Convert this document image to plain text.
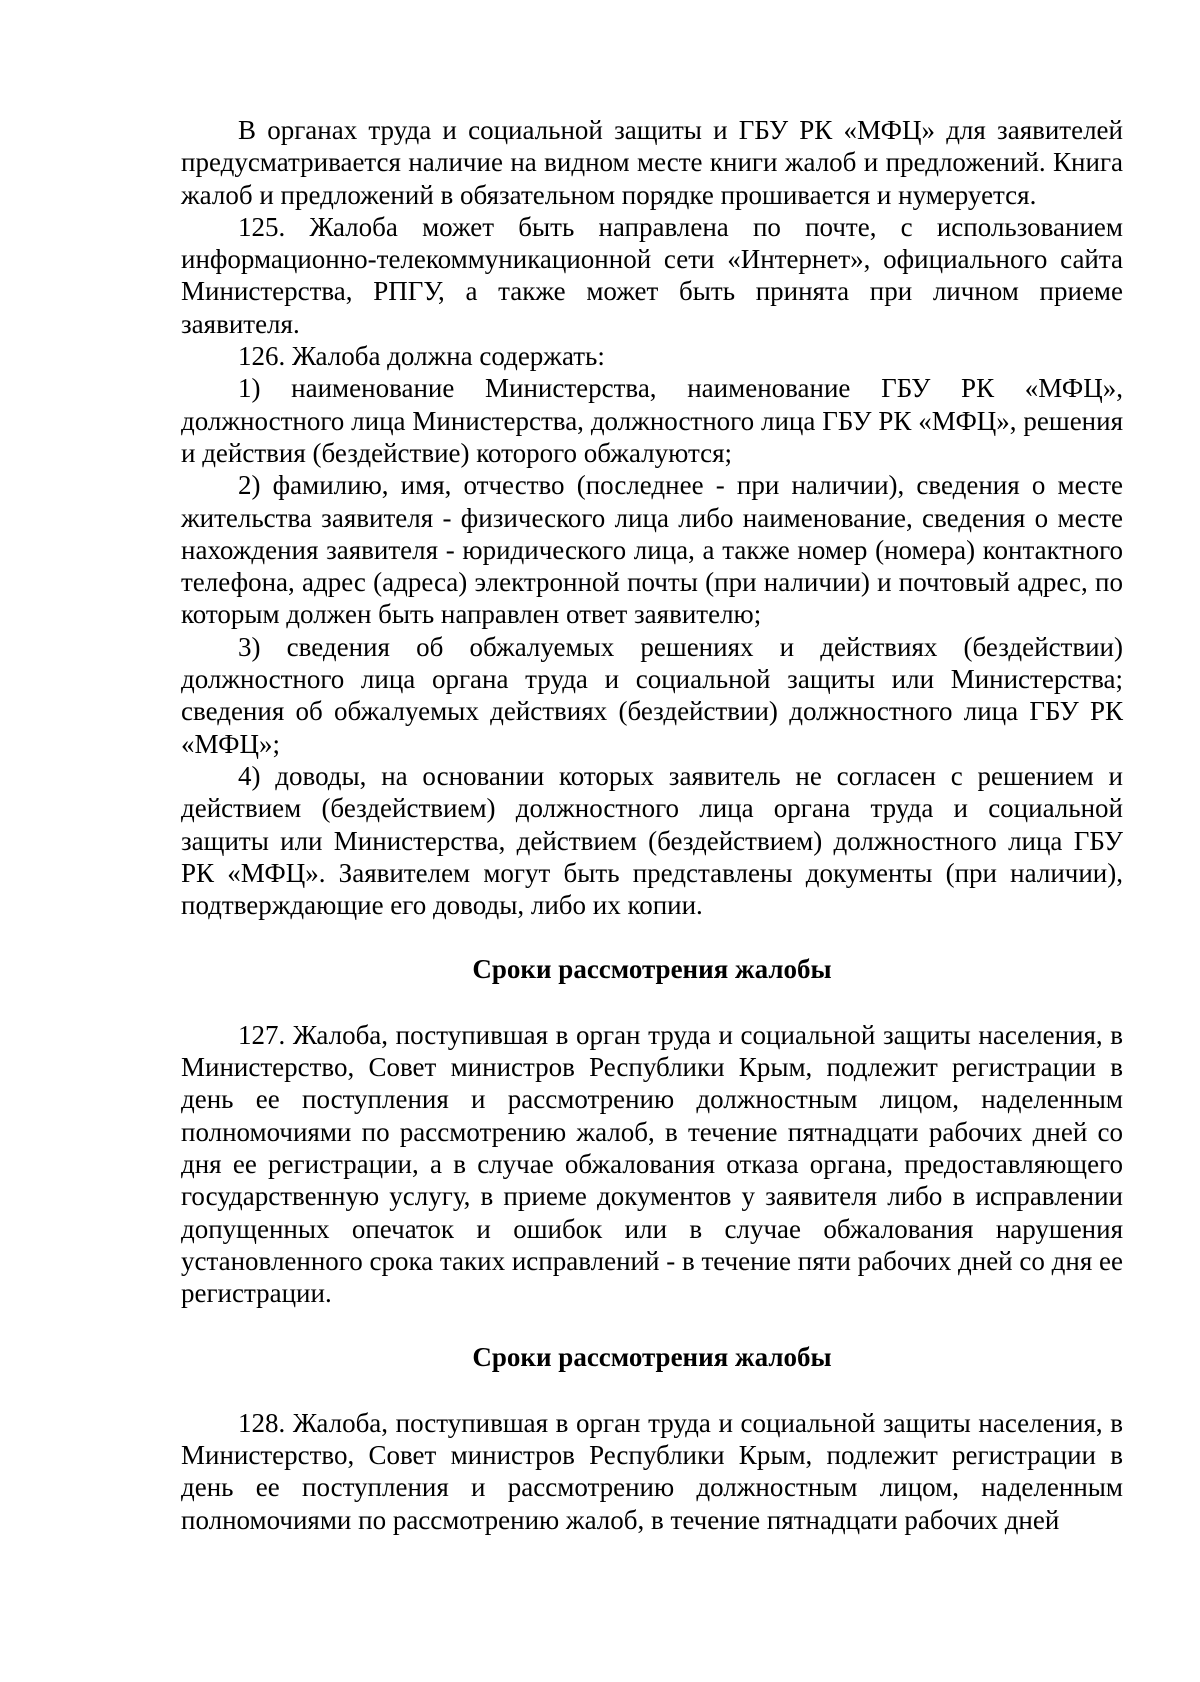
В органах труда и социальной защиты и ГБУ РК «МФЦ» для заявителей предусматривается наличие на видном месте книги жалоб и предложений. Книга жалоб и предложений в обязательном порядке прошивается и нумеруется.

125. Жалоба может быть направлена по почте, с использованием информационно-телекоммуникационной сети «Интернет», официального сайта Министерства, РПГУ, а также может быть принята при личном приеме заявителя.

126. Жалоба должна содержать:

1) наименование Министерства, наименование ГБУ РК «МФЦ», должностного лица Министерства, должностного лица ГБУ РК «МФЦ», решения и действия (бездействие) которого обжалуются;

2) фамилию, имя, отчество (последнее - при наличии), сведения о месте жительства заявителя - физического лица либо наименование, сведения о месте нахождения заявителя - юридического лица, а также номер (номера) контактного телефона, адрес (адреса) электронной почты (при наличии) и почтовый адрес, по которым должен быть направлен ответ заявителю;

3) сведения об обжалуемых решениях и действиях (бездействии) должностного лица органа труда и социальной защиты или Министерства; сведения об обжалуемых действиях (бездействии) должностного лица ГБУ РК «МФЦ»;

4) доводы, на основании которых заявитель не согласен с решением и действием (бездействием) должностного лица органа труда и социальной защиты или Министерства, действием (бездействием) должностного лица ГБУ РК «МФЦ». Заявителем могут быть представлены документы (при наличии), подтверждающие его доводы, либо их копии.

Сроки рассмотрения жалобы

127. Жалоба, поступившая в орган труда и социальной защиты населения, в Министерство, Совет министров Республики Крым, подлежит регистрации в день ее поступления и рассмотрению должностным лицом, наделенным полномочиями по рассмотрению жалоб, в течение пятнадцати рабочих дней со дня ее регистрации, а в случае обжалования отказа органа, предоставляющего государственную услугу, в приеме документов у заявителя либо в исправлении допущенных опечаток и ошибок или в случае обжалования нарушения установленного срока таких исправлений - в течение пяти рабочих дней со дня ее регистрации.

Сроки рассмотрения жалобы

128. Жалоба, поступившая в орган труда и социальной защиты населения, в Министерство, Совет министров Республики Крым, подлежит регистрации в день ее поступления и рассмотрению должностным лицом, наделенным полномочиями по рассмотрению жалоб, в течение пятнадцати рабочих дней
